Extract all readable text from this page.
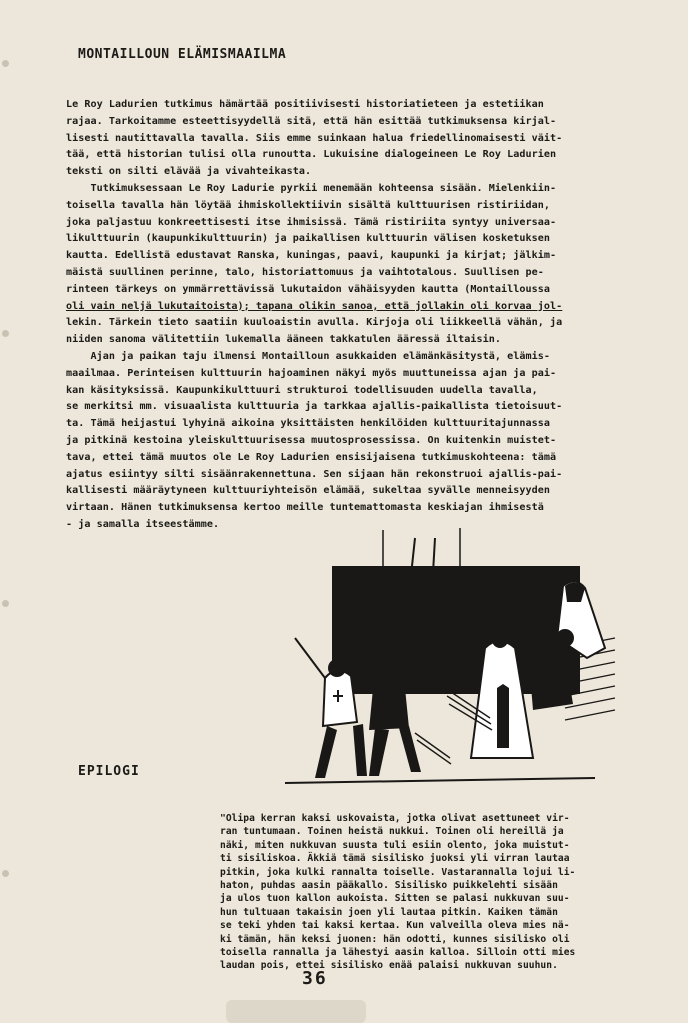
MONTAILLOUN ELÄMISMAAILMA
Le Roy Ladurien tutkimus hämärtää positiivisesti historiatieteen ja estetiikan
rajaa. Tarkoitamme esteettisyydellä sitä, että hän esittää tutkimuksensa kirjal-
lisesti nautittavalla tavalla. Siis emme suinkaan halua friedellinomaisesti väit-
tää, että historian tulisi olla runoutta. Lukuisine dialogeineen Le Roy Ladurien
teksti on silti elävää ja vivahteikasta.
Tutkimuksessaan Le Roy Ladurie pyrkii menemään kohteensa sisään. Mielenkiin-
toisella tavalla hän löytää ihmiskollektiivin sisältä kulttuurisen ristiriidan,
joka paljastuu konkreettisesti itse ihmisissä. Tämä ristiriita syntyy universaa-
likulttuurin (kaupunkikulttuurin) ja paikallisen kulttuurin välisen kosketuksen
kautta. Edellistä edustavat Ranska, kuningas, paavi, kaupunki ja kirjat; jälkim-
mäistä suullinen perinne, talo, historiattomuus ja vaihtotalous. Suullisen pe-
rinteen tärkeys on ymmärrettävissä lukutaidon vähäisyyden kautta (Montailloussa
oli vain neljä lukutaitoista); tapana olikin sanoa, että jollakin oli korvaa jol-
lekin. Tärkein tieto saatiin kuuloaistin avulla. Kirjoja oli liikkeellä vähän, ja
niiden sanoma välitettiin lukemalla ääneen takkatulen ääressä iltaisin.
Ajan ja paikan taju ilmensi Montailloun asukkaiden elämänkäsitystä, elämis-
maailmaa. Perinteisen kulttuurin hajoaminen näkyi myös muuttuneissa ajan ja pai-
kan käsityksissä. Kaupunkikulttuuri strukturoi todellisuuden uudella tavalla,
se merkitsi mm. visuaalista kulttuuria ja tarkkaa ajallis-paikallista tietoisuut-
ta. Tämä heijastui lyhyinä aikoina yksittäisten henkilöiden kulttuuritajunnassa
ja pitkinä kestoina yleiskulttuurisessa muutosprosessissa. On kuitenkin muistet-
tava, ettei tämä muutos ole Le Roy Ladurien ensisijaisena tutkimuskohteena: tämä
ajatus esiintyy silti sisäänrakennettuna. Sen sijaan hän rekonstruoi ajallis-pai-
kallisesti määräytyneen kulttuuriyhteisön elämää, sukeltaa syvälle menneisyyden
virtaan. Hänen tutkimuksensa kertoo meille tuntemattomasta keskiajan ihmisestä
- ja samalla itseestämme.
EPILOGI
"Olipa kerran kaksi uskovaista, jotka olivat asettuneet vir-
ran tuntumaan. Toinen heistä nukkui. Toinen oli hereillä ja
näki, miten nukkuvan suusta tuli esiin olento, joka muistut-
ti sisiliskoa. Äkkiä tämä sisilisko juoksi yli virran lautaa
pitkin, joka kulki rannalta toiselle. Vastarannalla lojui li-
haton, puhdas aasin pääkallo. Sisilisko puikkelehti sisään
ja ulos tuon kallon aukoista. Sitten se palasi nukkuvan suu-
hun tultuaan takaisin joen yli lautaa pitkin. Kaiken tämän
se teki yhden tai kaksi kertaa. Kun valveilla oleva mies nä-
ki tämän, hän keksi juonen: hän odotti, kunnes sisilisko oli
toisella rannalla ja lähestyi aasin kalloa. Silloin otti mies
laudan pois, ettei sisilisko enää palaisi nukkuvan suuhun.
36
